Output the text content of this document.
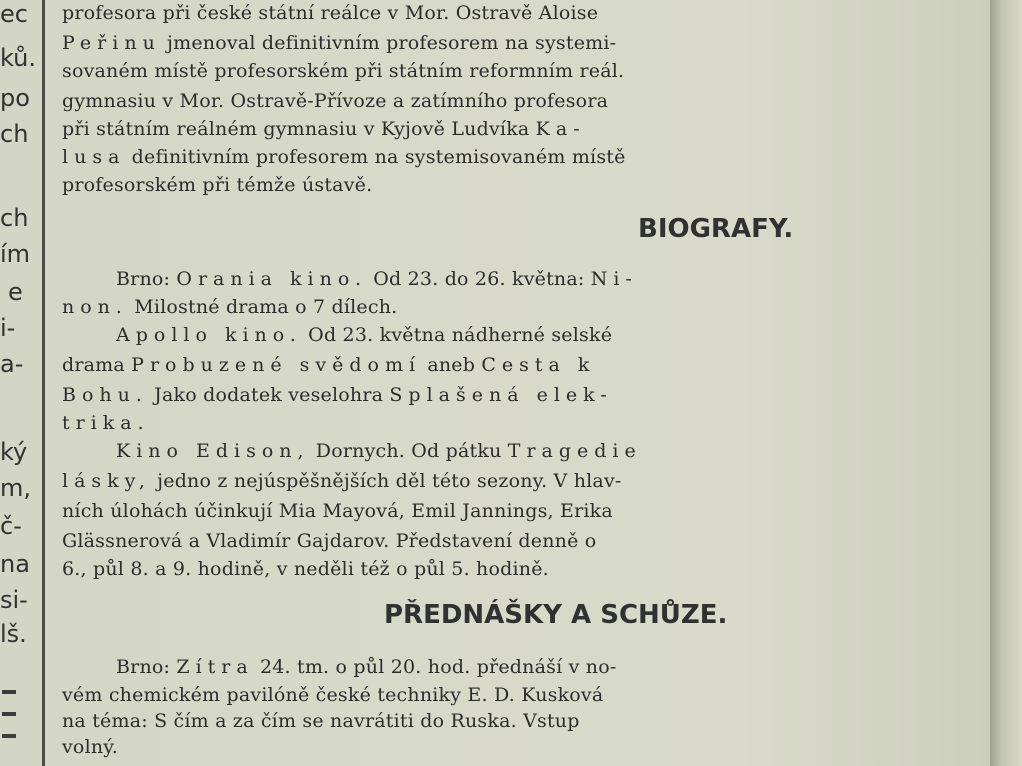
ec
ků.
po
ch
ch
ím
e
i-
a-
ký
m,
č-
na
si-
lš.
profesora při české státní reálce v Mor. Ostravě Aloise
Peřinu jmenoval definitivním profesorem na systemi-
sovaném místě profesorském při státním reformním reál.
gymnasiu v Mor. Ostravě-Přívoze a zatímního profesora
při státním reálném gymnasiu v Kyjově Ludvíka Ka-
lusa definitivním profesorem na systemisovaném místě
profesorském při témže ústavě.
BIOGRAFY.
Brno: Orania kino. Od 23. do 26. května: Ni-
non. Milostné drama o 7 dílech.
Apollo kino. Od 23. května nádherné selské
drama Probuzené svědomí aneb Cesta k
Bohu. Jako dodatek veselohra Splašená elek-
trika.
Kino Edison, Dornych. Od pátku Tragedie
lásky, jedno z nejúspěšnějších děl této sezony. V hlav-
ních úlohách účinkují Mia Mayová, Emil Jannings, Erika
Glässnerová a Vladimír Gajdarov. Představení denně o
6., půl 8. a 9. hodině, v neděli též o půl 5. hodině.
PŘEDNÁŠKY A SCHŮZE.
Brno: Zítra 24. tm. o půl 20. hod. přednáší v no-
vém chemickém pavilóně české techniky E. D. Kusková
na téma: S čím a za čím se navrátiti do Ruska. Vstup
volný.
